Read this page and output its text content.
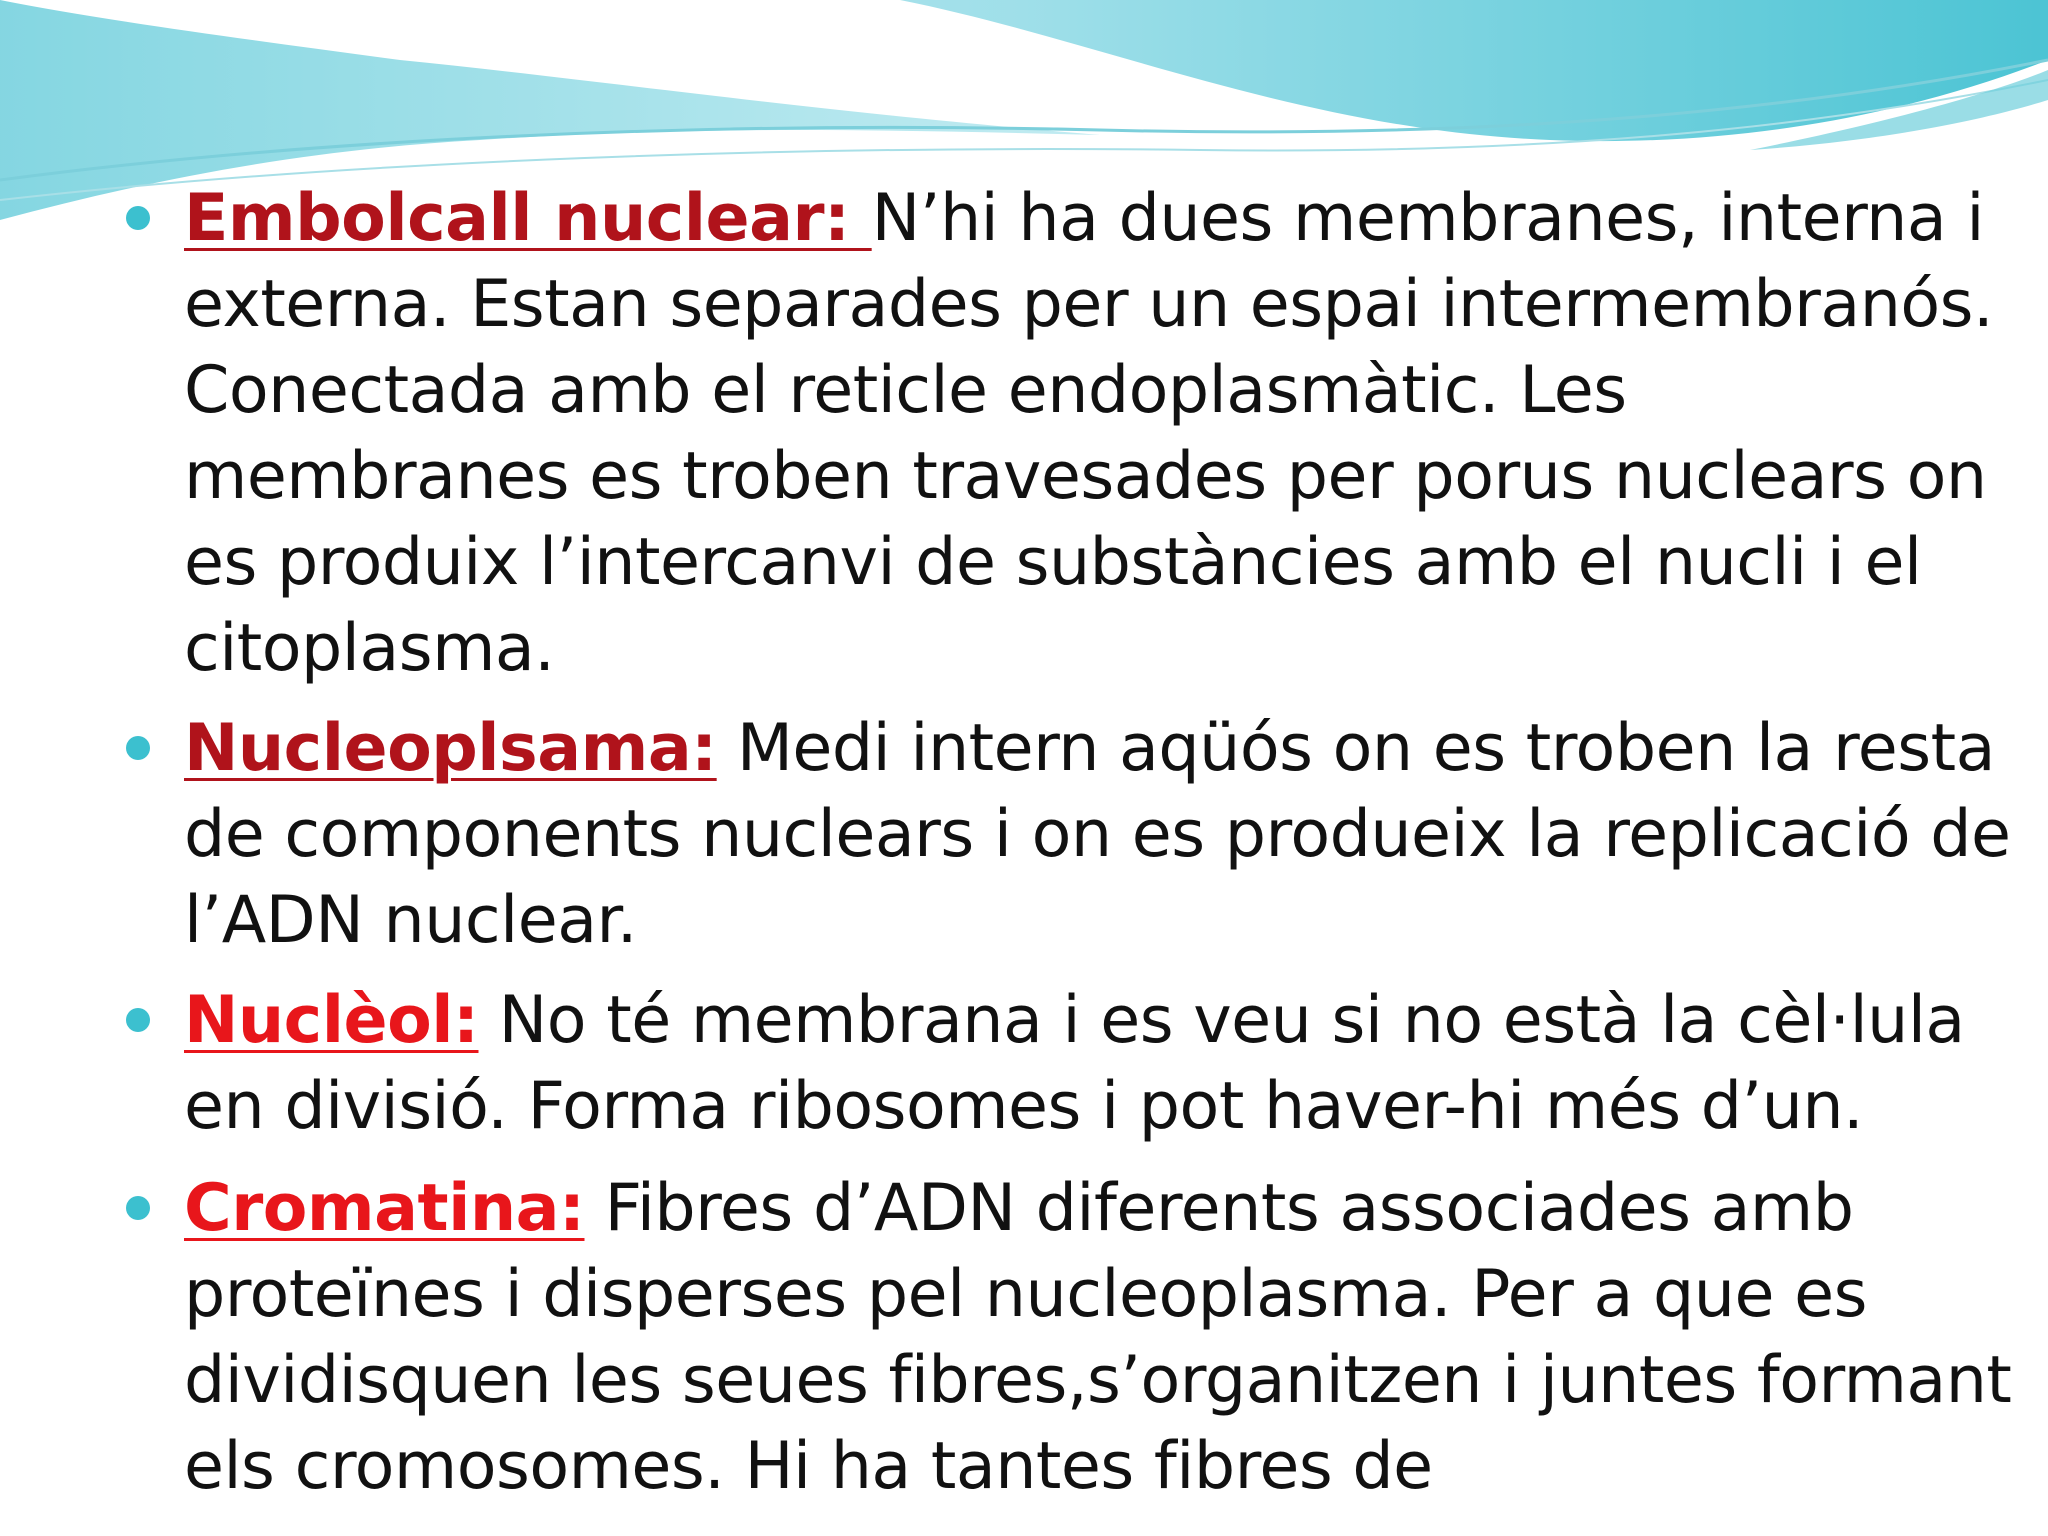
Embolcall nuclear: N’hi ha dues membranes, interna i externa. Estan separades per un espai intermembranós. Conectada amb el reticle endoplasmàtic. Les membranes es troben travesades per porus nuclears on es produix l’intercanvi de substàncies amb el nucli i el citoplasma.
Nucleoplsama: Medi intern aqüós on es troben la resta de components nuclears i on es produeix la replicació de l’ADN nuclear.
Nuclèol: No té membrana i es veu si no està la cèl·lula en divisió. Forma ribosomes i pot haver-hi més d’un.
Cromatina: Fibres d’ADN diferents associades amb proteïnes i disperses pel nucleoplasma. Per a que es dividisquen les seues fibres,s’organitzen i juntes formant els cromosomes. Hi ha tantes fibres de
